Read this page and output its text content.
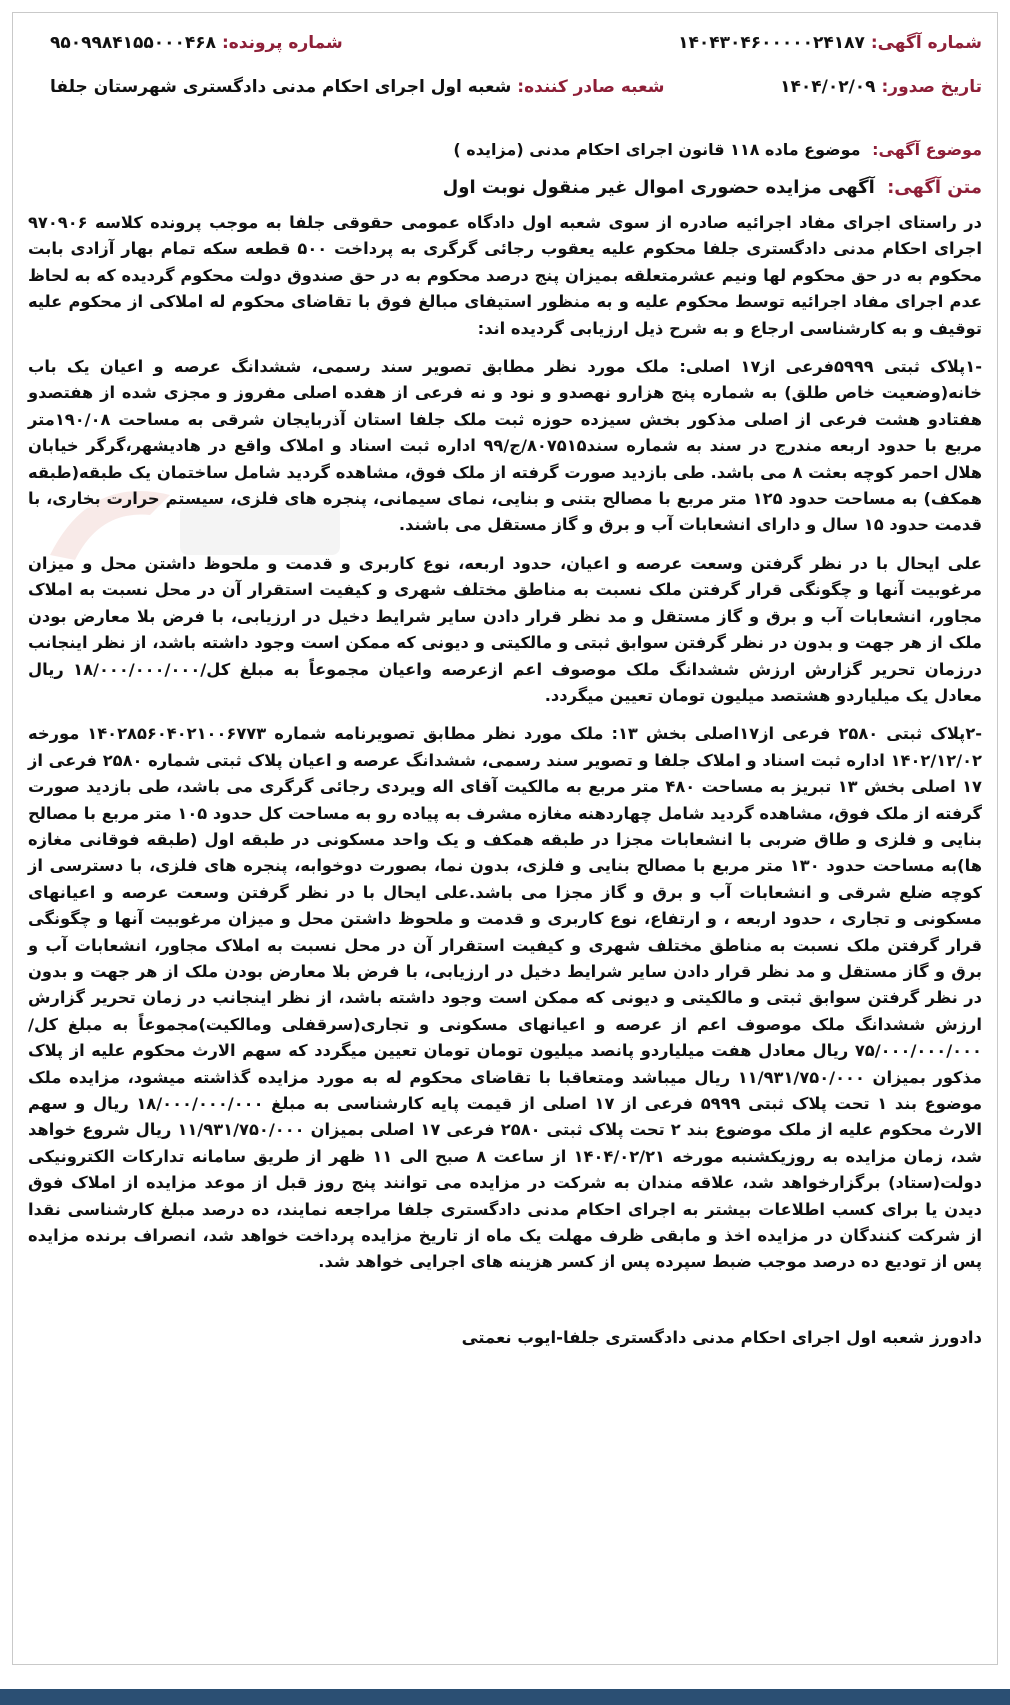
شماره آگهی: ۱۴۰۴۳۰۴۶۰۰۰۰۰۲۴۱۸۷
شماره پرونده: ۹۵۰۹۹۸۴۱۵۵۰۰۰۴۶۸
تاریخ صدور: ۱۴۰۴/۰۲/۰۹
شعبه صادر کننده: شعبه اول اجرای احکام مدنی دادگستری شهرستان جلفا
موضوع آگهی: موضوع ماده ۱۱۸ قانون اجرای احکام مدنی (مزایده )
متن آگهی: آگهی مزایده حضوری اموال غیر منقول نوبت اول

در راستای اجرای مفاد اجرائیه صادره از سوی شعبه اول دادگاه عمومی حقوقی جلفا به موجب پرونده کلاسه ۹۷۰۹۰۶ اجرای احکام مدنی دادگستری جلفا محکوم علیه یعقوب رجائی گرگری به پرداخت ۵۰۰ قطعه سکه تمام بهار آزادی بابت محکوم به در حق محکوم لها ونیم عشرمتعلقه بمیزان پنج درصد محکوم به در حق صندوق دولت محکوم گردیده که به لحاظ عدم اجرای مفاد اجرائیه توسط محکوم علیه و به منظور استیفای مبالغ فوق با تقاضای محکوم له املاکی از محکوم علیه توقیف و به کارشناسی ارجاع و به شرح ذیل ارزیابی گردیده اند:

-۱پلاک ثبتی ۵۹۹۹فرعی از۱۷ اصلی: ملک مورد نظر مطابق تصویر سند رسمی، ششدانگ عرصه و اعیان یک باب خانه(وضعیت خاص طلق) به شماره پنج هزارو نهصدو و نود و نه فرعی از هفده اصلی مفروز و مجزی شده از هفتصدو هفتادو هشت فرعی از اصلی مذکور بخش سیزده حوزه ثبت ملک جلفا استان آذربایجان شرقی به مساحت ۱۹۰/۰۸متر مربع با حدود اربعه مندرج در سند به شماره سند۸۰۷۵۱۵/ج/۹۹ اداره ثبت اسناد و املاک واقع در هادیشهر،گرگر خیابان هلال احمر کوچه بعثت ۸ می باشد. طی بازدید صورت گرفته از ملک فوق، مشاهده گردید شامل ساختمان یک طبقه(طبقه همکف) به مساحت حدود ۱۲۵ متر مربع با مصالح بتنی و بنایی، نمای سیمانی، پنجره های فلزی، سیستم حرارت بخاری، با قدمت حدود ۱۵ سال و دارای انشعابات آب و برق و گاز مستقل می باشند.

علی ایحال با در نظر گرفتن وسعت عرصه و اعیان، حدود اربعه، نوع کاربری و قدمت و ملحوظ داشتن محل و میزان مرغوبیت آنها و چگونگی قرار گرفتن ملک نسبت به مناطق مختلف شهری و کیفیت استقرار آن در محل نسبت به املاک مجاور، انشعابات آب و برق و گاز مستقل و مد نظر قرار دادن سایر شرایط دخیل در ارزیابی، با فرض بلا معارض بودن ملک از هر جهت و بدون در نظر گرفتن سوابق ثبتی و مالکیتی و دیونی که ممکن است وجود داشته باشد، از نظر اینجانب درزمان تحریر گزارش ارزش ششدانگ ملک موصوف اعم ازعرصه واعیان مجموعاً به مبلغ کل/۱۸/۰۰۰/۰۰۰/۰۰۰ ریال معادل یک میلیاردو هشتصد میلیون تومان تعیین میگردد.

-۲پلاک ثبتی ۲۵۸۰ فرعی از۱۷اصلی بخش ۱۳: ملک مورد نظر مطابق تصویرنامه شماره ۱۴۰۲۸۵۶۰۴۰۲۱۰۰۶۷۷۳ مورخه ۱۴۰۲/۱۲/۰۲ اداره ثبت اسناد و املاک جلفا و تصویر سند رسمی، ششدانگ عرصه و اعیان پلاک ثبتی شماره ۲۵۸۰ فرعی از ۱۷ اصلی بخش ۱۳ تبریز به مساحت ۴۸۰ متر مربع به مالکیت آقای اله ویردی رجائی گرگری می باشد، طی بازدید صورت گرفته از ملک فوق، مشاهده گردید شامل چهاردهنه مغازه مشرف به پیاده رو به مساحت کل حدود ۱۰۵ متر مربع با مصالح بنایی و فلزی و طاق ضربی با انشعابات مجزا در طبقه همکف و یک واحد مسکونی در طبقه اول (طبقه فوقانی مغازه ها)به مساحت حدود ۱۳۰ متر مربع با مصالح بنایی و فلزی، بدون نما، بصورت دوخوابه، پنجره های فلزی، با دسترسی از کوچه ضلع شرقی و انشعابات آب و برق و گاز مجزا می باشد.علی ایحال با در نظر گرفتن وسعت عرصه و اعیانهای مسکونی و تجاری ، حدود اربعه ، و ارتفاع، نوع کاربری و قدمت و ملحوظ داشتن محل و میزان مرغوبیت آنها و چگونگی قرار گرفتن ملک نسبت به مناطق مختلف شهری و کیفیت استقرار آن در محل نسبت به املاک مجاور، انشعابات آب و برق و گاز مستقل و مد نظر قرار دادن سایر شرایط دخیل در ارزیابی، با فرض بلا معارض بودن ملک از هر جهت و بدون در نظر گرفتن سوابق ثبتی و مالکیتی و دیونی که ممکن است وجود داشته باشد، از نظر اینجانب در زمان تحریر گزارش ارزش ششدانگ ملک موصوف اعم از عرصه و اعیانهای مسکونی و تجاری(سرقفلی ومالکیت)مجموعاً به مبلغ کل/۷۵/۰۰۰/۰۰۰/۰۰۰ ریال معادل هفت میلیاردو پانصد میلیون تومان تومان تعیین میگردد که سهم الارث محکوم علیه از پلاک مذکور بمیزان ۱۱/۹۳۱/۷۵۰/۰۰۰ ریال میباشد ومتعاقبا با تقاضای محکوم له به مورد مزایده گذاشته میشود، مزایده ملک موضوع بند ۱ تحت پلاک ثبتی ۵۹۹۹ فرعی از ۱۷ اصلی از قیمت پایه کارشناسی به مبلغ ۱۸/۰۰۰/۰۰۰/۰۰۰ ریال و سهم الارث محکوم علیه از ملک موضوع بند ۲ تحت پلاک ثبتی ۲۵۸۰ فرعی ۱۷ اصلی بمیزان ۱۱/۹۳۱/۷۵۰/۰۰۰ ریال شروع خواهد شد، زمان مزایده به روزیکشنبه مورخه ۱۴۰۴/۰۲/۲۱ از ساعت ۸ صبح الی ۱۱ ظهر از طریق سامانه تدارکات الکترونیکی دولت(ستاد) برگزارخواهد شد، علاقه مندان به شرکت در مزایده می توانند پنج روز قبل از موعد مزایده از املاک فوق دیدن یا برای کسب اطلاعات بیشتر به اجرای احکام مدنی دادگستری جلفا مراجعه نمایند، ده درصد مبلغ کارشناسی نقدا از شرکت کنندگان در مزایده اخذ و مابقی ظرف مهلت یک ماه از تاریخ مزایده پرداخت خواهد شد، انصراف برنده مزایده پس از تودیع ده درصد موجب ضبط سپرده پس از کسر هزینه های اجرایی خواهد شد.

دادورز شعبه اول اجرای احکام مدنی دادگستری جلفا-ایوب نعمتی
